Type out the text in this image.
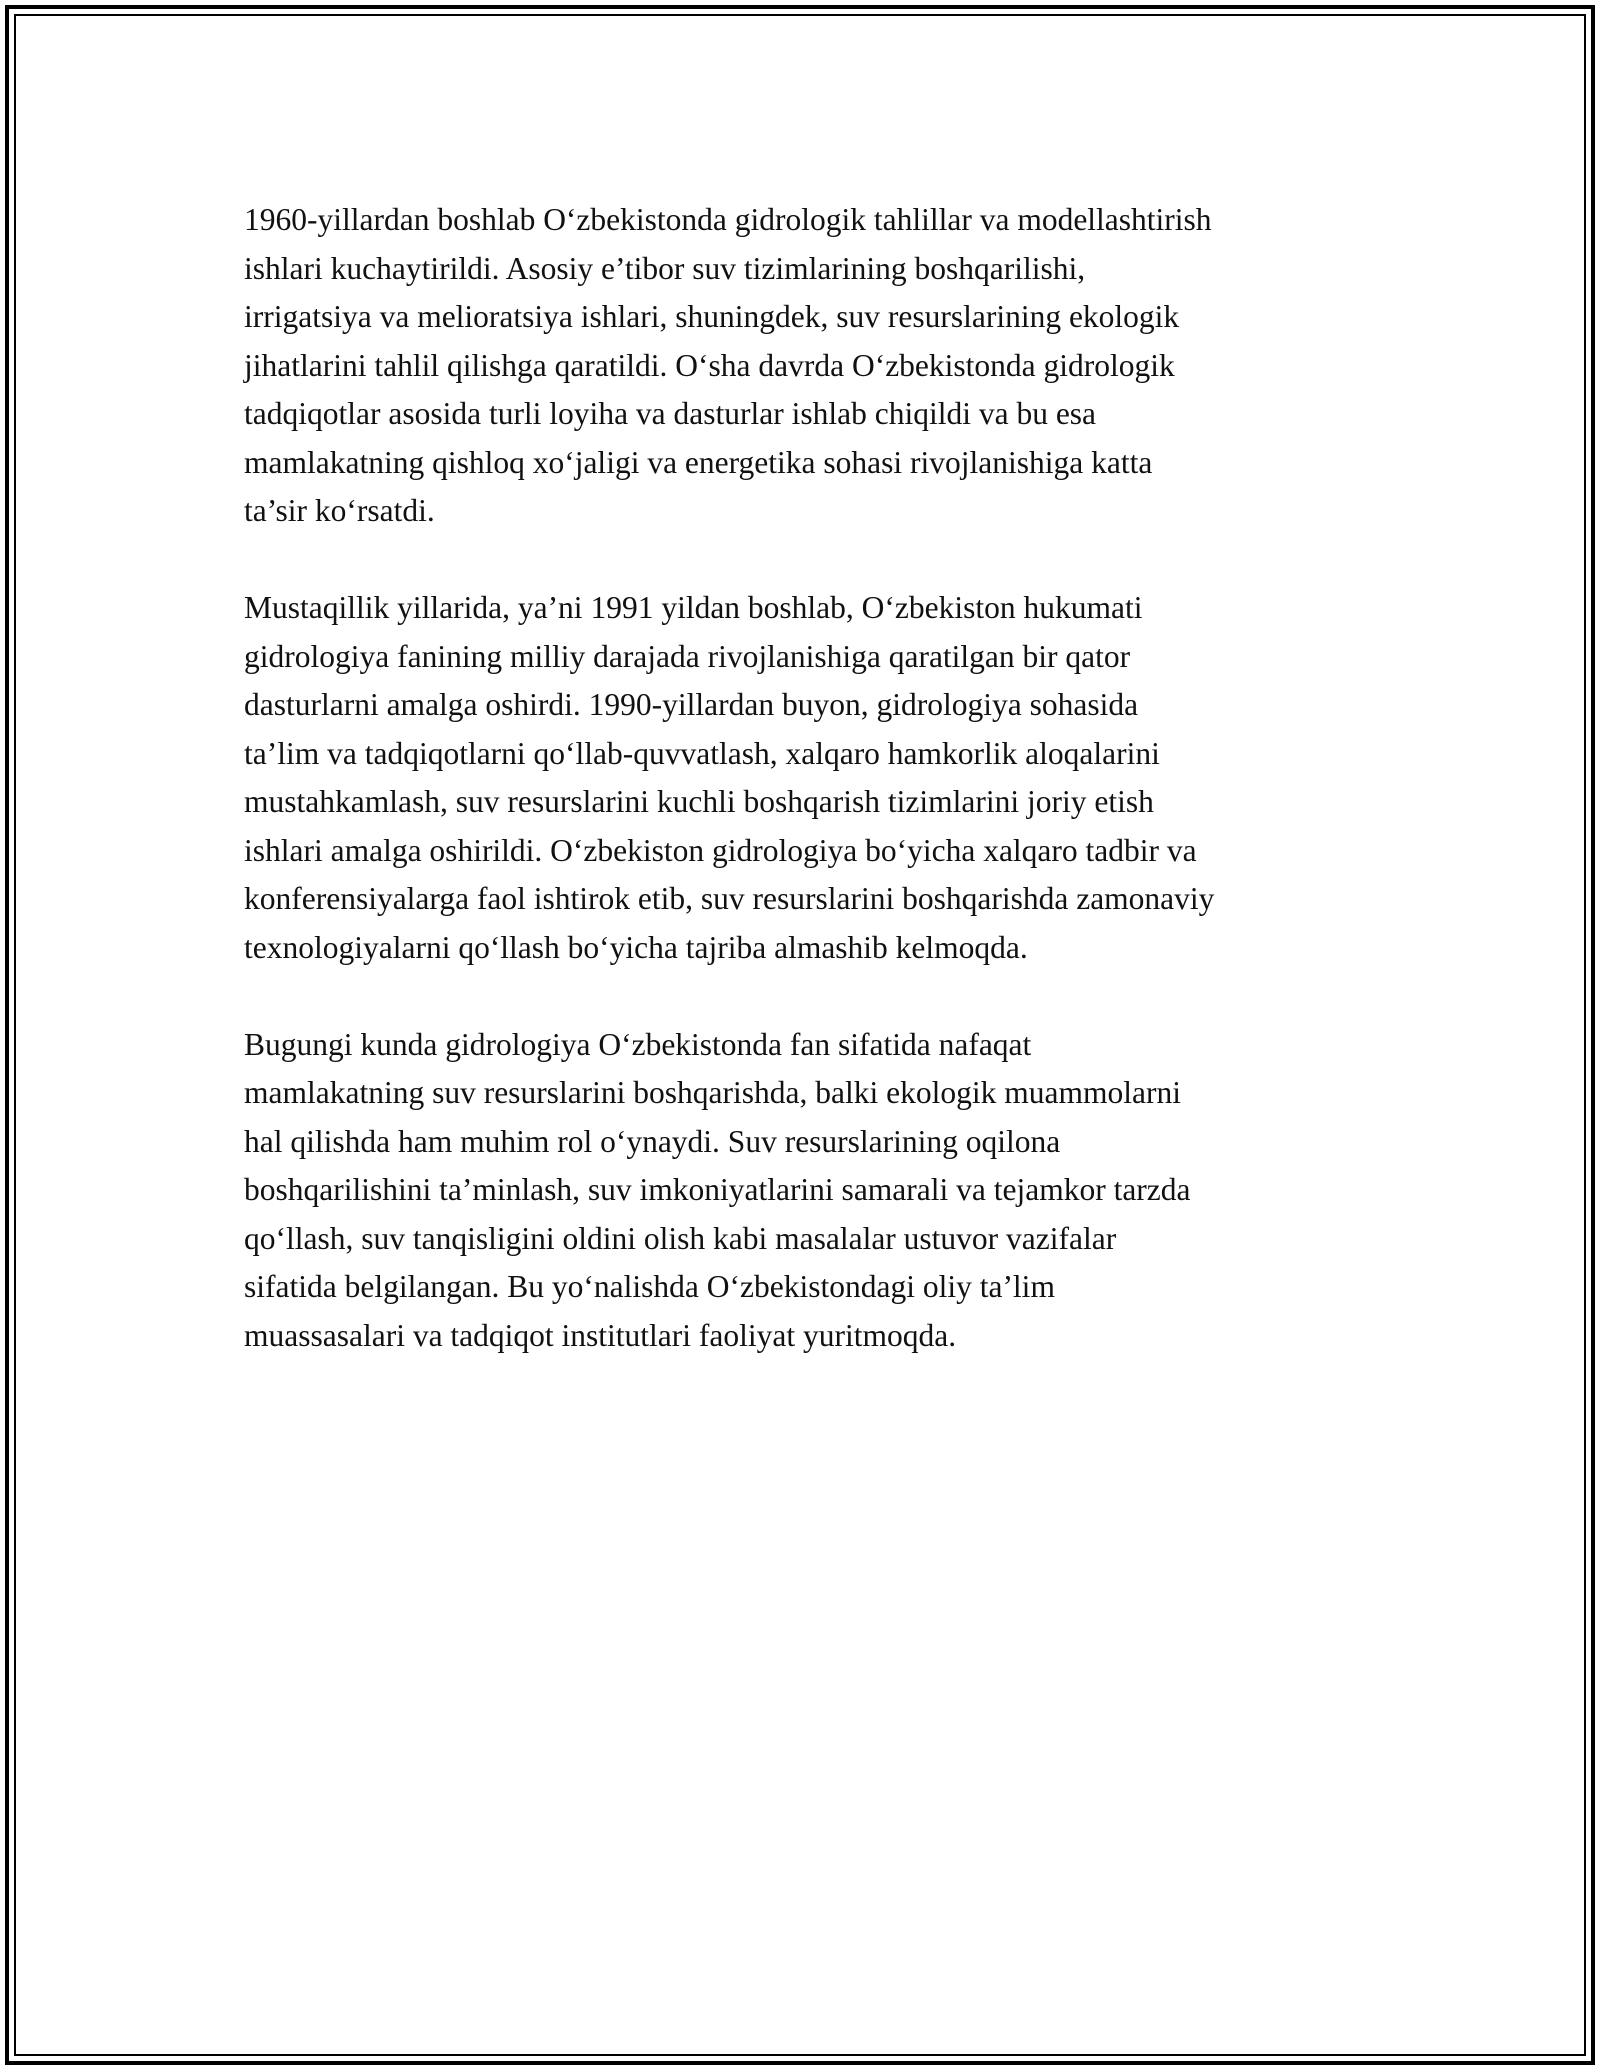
1960-yillardan boshlab O‘zbekistonda gidrologik tahlillar va modellashtirish
ishlari kuchaytirildi. Asosiy e’tibor suv tizimlarining boshqarilishi,
irrigatsiya va melioratsiya ishlari, shuningdek, suv resurslarining ekologik
jihatlarini tahlil qilishga qaratildi. O‘sha davrda O‘zbekistonda gidrologik
tadqiqotlar asosida turli loyiha va dasturlar ishlab chiqildi va bu esa
mamlakatning qishloq xo‘jaligi va energetika sohasi rivojlanishiga katta
ta’sir ko‘rsatdi.

Mustaqillik yillarida, ya’ni 1991 yildan boshlab, O‘zbekiston hukumati
gidrologiya fanining milliy darajada rivojlanishiga qaratilgan bir qator
dasturlarni amalga oshirdi. 1990-yillardan buyon, gidrologiya sohasida
ta’lim va tadqiqotlarni qo‘llab-quvvatlash, xalqaro hamkorlik aloqalarini
mustahkamlash, suv resurslarini kuchli boshqarish tizimlarini joriy etish
ishlari amalga oshirildi. O‘zbekiston gidrologiya bo‘yicha xalqaro tadbir va
konferensiyalarga faol ishtirok etib, suv resurslarini boshqarishda zamonaviy
texnologiyalarni qo‘llash bo‘yicha tajriba almashib kelmoqda.

Bugungi kunda gidrologiya O‘zbekistonda fan sifatida nafaqat
mamlakatning suv resurslarini boshqarishda, balki ekologik muammolarni
hal qilishda ham muhim rol o‘ynaydi. Suv resurslarining oqilona
boshqarilishini ta’minlash, suv imkoniyatlarini samarali va tejamkor tarzda
qo‘llash, suv tanqisligini oldini olish kabi masalalar ustuvor vazifalar
sifatida belgilangan. Bu yo‘nalishda O‘zbekistondagi oliy ta’lim
muassasalari va tadqiqot institutlari faoliyat yuritmoqda.
